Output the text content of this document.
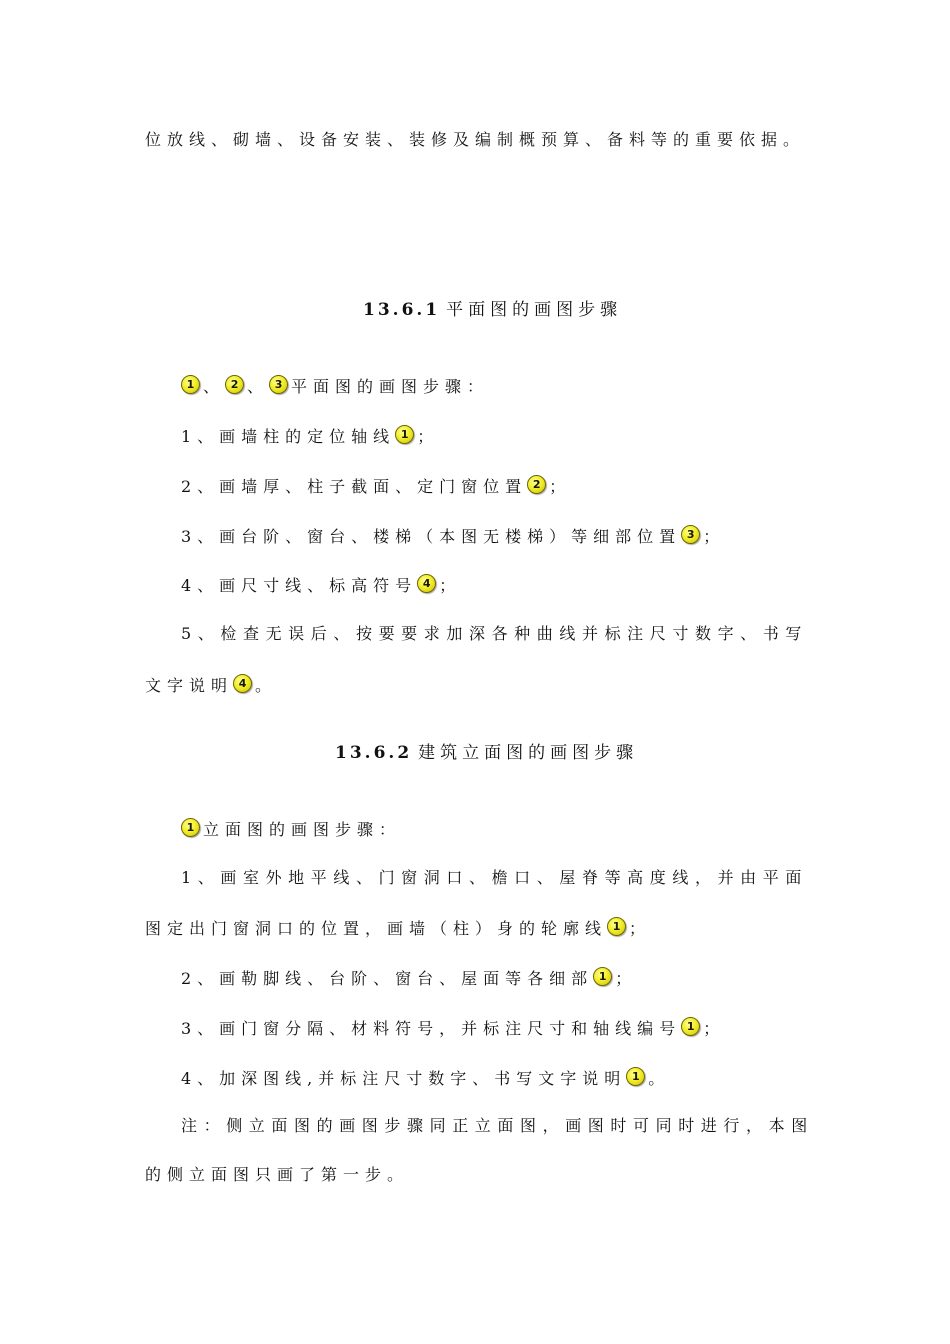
位放线、砌墙、设备安装、装修及编制概预算、备料等的重要依据。
13.6.1 平面图的画图步骤
1 、 2 、 3 平面图的画图步骤：
1、画墙柱的定位轴线 1 ；
2、画墙厚、柱子截面、定门窗位置 2 ；
3、画台阶、窗台、楼梯（本图无楼梯）等细部位置 3 ；
4、画尺寸线、标高符号 4 ；
5、检查无误后、按要要求加深各种曲线并标注尺寸数字、书写
文字说明 4 。
13.6.2 建筑立面图的画图步骤
1 立面图的画图步骤：
1、画室外地平线、门窗洞口、檐口、屋脊等高度线，并由平面
图定出门窗洞口的位置，画墙（柱）身的轮廓线 1 ；
2、画勒脚线、台阶、窗台、屋面等各细部 1 ；
3、画门窗分隔、材料符号，并标注尺寸和轴线编号 1 ；
4、加深图线,并标注尺寸数字、书写文字说明 1 。
注：侧立面图的画图步骤同正立面图，画图时可同时进行，本图
的侧立面图只画了第一步。
